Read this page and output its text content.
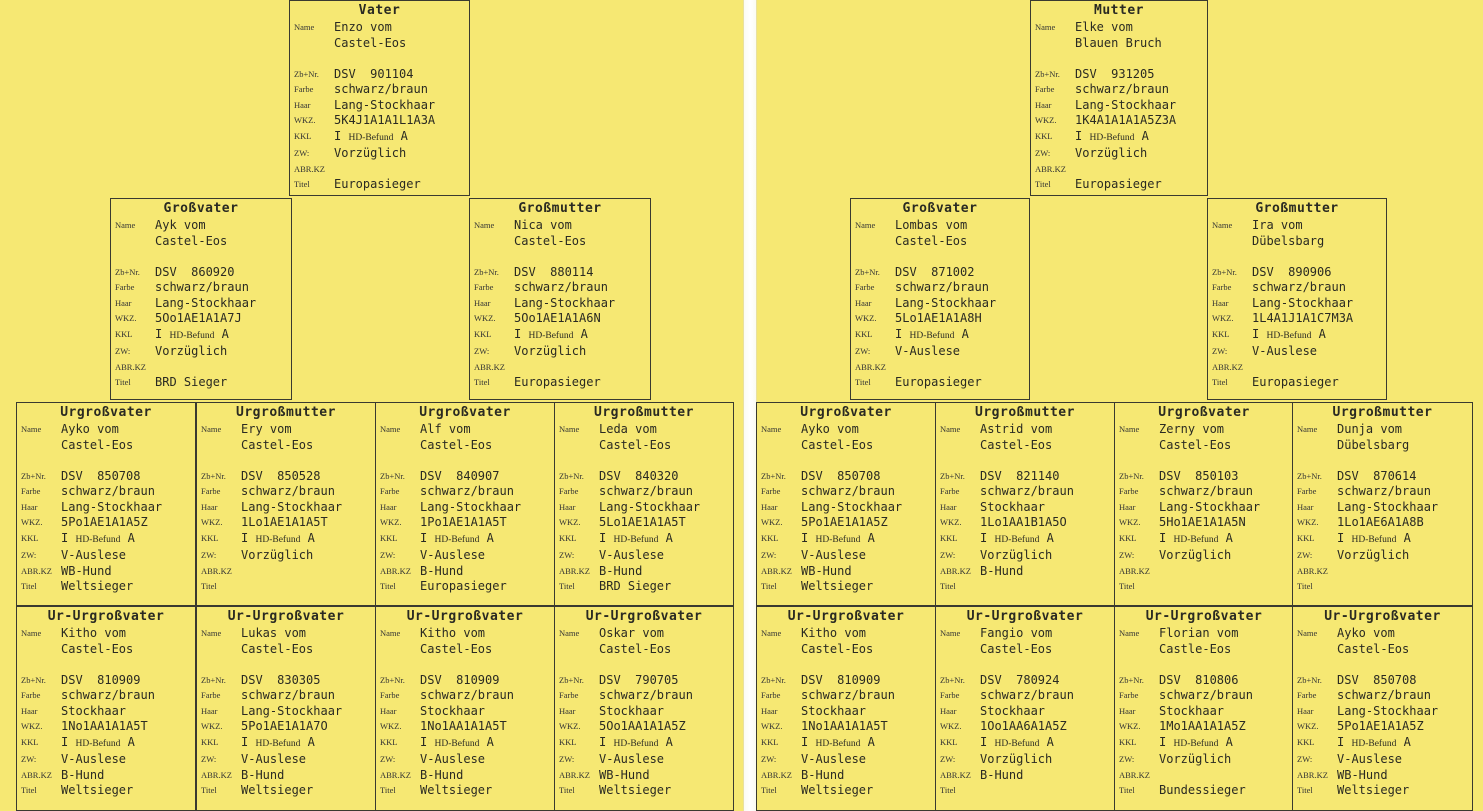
Vater
Name	Enzo vom
Castel-Eos
Zb+Nr.	DSV  901104
Farbe	schwarz/braun
Haar	Lang-Stockhaar
WKZ.	5K4J1A1A1L1A3A
KKL	I HD-Befund A
ZW:	Vorzüglich
ABR.KZ
Titel	Europasieger
Großvater
Name	Ayk vom
Castel-Eos
Zb+Nr.	DSV  860920
Farbe	schwarz/braun
Haar	Lang-Stockhaar
WKZ.	5Oo1AE1A1A7J
KKL	I HD-Befund A
ZW:	Vorzüglich
ABR.KZ
Titel	BRD Sieger
Großmutter
Name	Nica vom
Castel-Eos
Zb+Nr.	DSV  880114
Farbe	schwarz/braun
Haar	Lang-Stockhaar
WKZ.	5Oo1AE1A1A6N
KKL	I HD-Befund A
ZW:	Vorzüglich
ABR.KZ
Titel	Europasieger
Urgroßvater
Name	Ayko vom
Castel-Eos
Zb+Nr.	DSV  850708
Farbe	schwarz/braun
Haar	Lang-Stockhaar
WKZ.	5Po1AE1A1A5Z
KKL	I HD-Befund A
ZW:	V-Auslese
ABR.KZ WB-Hund
Titel	Weltsieger
Urgroßmutter
Name	Ery vom
Castel-Eos
Zb+Nr.	DSV  850528
Farbe	schwarz/braun
Haar	Lang-Stockhaar
WKZ.	1Lo1AE1A1A5T
KKL	I HD-Befund A
ZW:	Vorzüglich
ABR.KZ
Titel
Urgroßvater
Name	Alf vom
Castel-Eos
Zb+Nr.	DSV  840907
Farbe	schwarz/braun
Haar	Lang-Stockhaar
WKZ.	1Po1AE1A1A5T
KKL	I HD-Befund A
ZW:	V-Auslese
ABR.KZ B-Hund
Titel	Europasieger
Urgroßmutter
Name	Leda vom
Castel-Eos
Zb+Nr.	DSV  840320
Farbe	schwarz/braun
Haar	Lang-Stockhaar
WKZ.	5Lo1AE1A1A5T
KKL	I HD-Befund A
ZW:	V-Auslese
ABR.KZ B-Hund
Titel	BRD Sieger
Ur-Urgroßvater
Name	Kitho vom
Castel-Eos
Zb+Nr.	DSV  810909
Farbe	schwarz/braun
Haar	Stockhaar
WKZ.	1No1AA1A1A5T
KKL	I HD-Befund A
ZW:	V-Auslese
ABR.KZ B-Hund
Titel	Weltsieger
Ur-Urgroßvater
Name	Lukas vom
Castel-Eos
Zb+Nr.	DSV  830305
Farbe	schwarz/braun
Haar	Lang-Stockhaar
WKZ.	5Po1AE1A1A7O
KKL	I HD-Befund A
ZW:	V-Auslese
ABR.KZ B-Hund
Titel	Weltsieger
Ur-Urgroßvater
Name	Kitho vom
Castel-Eos
Zb+Nr.	DSV  810909
Farbe	schwarz/braun
Haar	Stockhaar
WKZ.	1No1AA1A1A5T
KKL	I HD-Befund A
ZW:	V-Auslese
ABR.KZ B-Hund
Titel	Weltsieger
Ur-Urgroßvater
Name	Oskar vom
Castel-Eos
Zb+Nr.	DSV  790705
Farbe	schwarz/braun
Haar	Stockhaar
WKZ.	5Oo1AA1A1A5Z
KKL	I HD-Befund A
ZW:	V-Auslese
ABR.KZ WB-Hund
Titel	Weltsieger
Mutter
Name	Elke vom
Blauen Bruch
Zb+Nr.	DSV  931205
Farbe	schwarz/braun
Haar	Lang-Stockhaar
WKZ.	1K4A1A1A1A5Z3A
KKL	I HD-Befund A
ZW:	Vorzüglich
ABR.KZ
Titel	Europasieger
Großvater
Name	Lombas vom
Castel-Eos
Zb+Nr.	DSV  871002
Farbe	schwarz/braun
Haar	Lang-Stockhaar
WKZ.	5Lo1AE1A1A8H
KKL	I HD-Befund A
ZW:	V-Auslese
ABR.KZ
Titel	Europasieger
Großmutter
Name	Ira vom
Dübelsbarg
Zb+Nr.	DSV  890906
Farbe	schwarz/braun
Haar	Lang-Stockhaar
WKZ.	1L4A1J1A1C7M3A
KKL	I HD-Befund A
ZW:	V-Auslese
ABR.KZ
Titel	Europasieger
Urgroßvater
Name	Ayko vom
Castel-Eos
Zb+Nr.	DSV  850708
Farbe	schwarz/braun
Haar	Lang-Stockhaar
WKZ.	5Po1AE1A1A5Z
KKL	I HD-Befund A
ZW:	V-Auslese
ABR.KZ WB-Hund
Titel	Weltsieger
Urgroßmutter
Name	Astrid vom
Castel-Eos
Zb+Nr.	DSV  821140
Farbe	schwarz/braun
Haar	Stockhaar
WKZ.	1Lo1AA1B1A5O
KKL	I HD-Befund A
ZW:	Vorzüglich
ABR.KZ B-Hund
Titel
Urgroßvater
Name	Zerny vom
Castel-Eos
Zb+Nr.	DSV  850103
Farbe	schwarz/braun
Haar	Lang-Stockhaar
WKZ.	5Ho1AE1A1A5N
KKL	I HD-Befund A
ZW:	Vorzüglich
ABR.KZ
Titel
Urgroßmutter
Name	Dunja vom
Dübelsbarg
Zb+Nr.	DSV  870614
Farbe	schwarz/braun
Haar	Lang-Stockhaar
WKZ.	1Lo1AE6A1A8B
KKL	I HD-Befund A
ZW:	Vorzüglich
ABR.KZ
Titel
Ur-Urgroßvater
Name	Kitho vom
Castel-Eos
Zb+Nr.	DSV  810909
Farbe	schwarz/braun
Haar	Stockhaar
WKZ.	1No1AA1A1A5T
KKL	I HD-Befund A
ZW:	V-Auslese
ABR.KZ B-Hund
Titel	Weltsieger
Ur-Urgroßvater
Name	Fangio vom
Castel-Eos
Zb+Nr.	DSV  780924
Farbe	schwarz/braun
Haar	Stockhaar
WKZ.	1Oo1AA6A1A5Z
KKL	I HD-Befund A
ZW:	Vorzüglich
ABR.KZ B-Hund
Titel
Ur-Urgroßvater
Name	Florian vom
Castle-Eos
Zb+Nr.	DSV  810806
Farbe	schwarz/braun
Haar	Stockhaar
WKZ.	1Mo1AA1A1A5Z
KKL	I HD-Befund A
ZW:	Vorzüglich
ABR.KZ
Titel	Bundessieger
Ur-Urgroßvater
Name	Ayko vom
Castel-Eos
Zb+Nr.	DSV  850708
Farbe	schwarz/braun
Haar	Lang-Stockhaar
WKZ.	5Po1AE1A1A5Z
KKL	I HD-Befund A
ZW:	V-Auslese
ABR.KZ WB-Hund
Titel	Weltsieger
